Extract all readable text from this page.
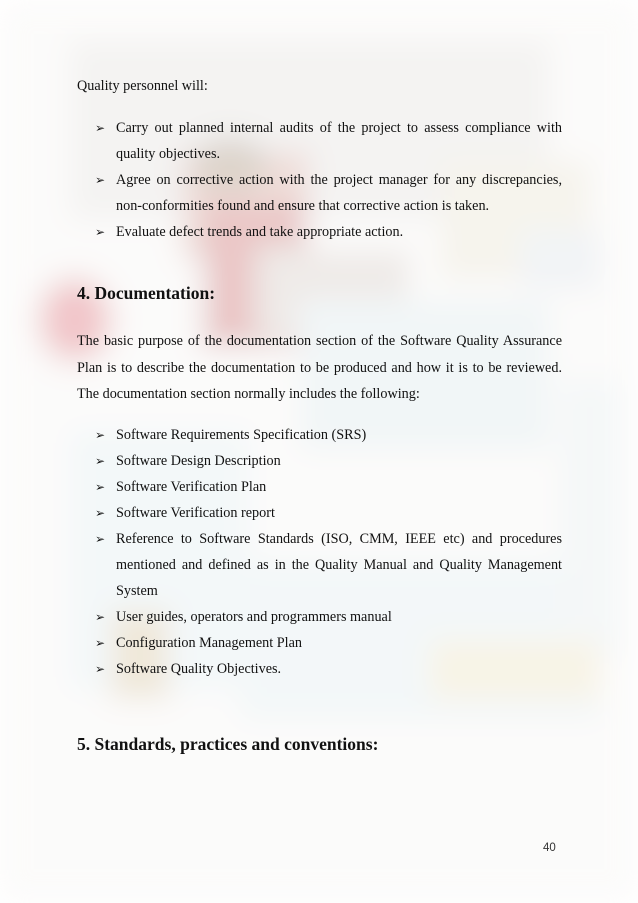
Quality personnel will:

➢ Carry out planned internal audits of the project to assess compliance with quality objectives.
➢ Agree on corrective action with the project manager for any discrepancies, non-conformities found and ensure that corrective action is taken.
➢ Evaluate defect trends and take appropriate action.
4. Documentation:

The basic purpose of the documentation section of the Software Quality Assurance Plan is to describe the documentation to be produced and how it is to be reviewed. The documentation section normally includes the following:

➢ Software Requirements Specification (SRS)
➢ Software Design Description
➢ Software Verification Plan
➢ Software Verification report
➢ Reference to Software Standards (ISO, CMM, IEEE etc) and procedures mentioned and defined as in the Quality Manual and Quality Management System
➢ User guides, operators and programmers manual
➢ Configuration Management Plan
➢ Software Quality Objectives.
5. Standards, practices and conventions:
40
